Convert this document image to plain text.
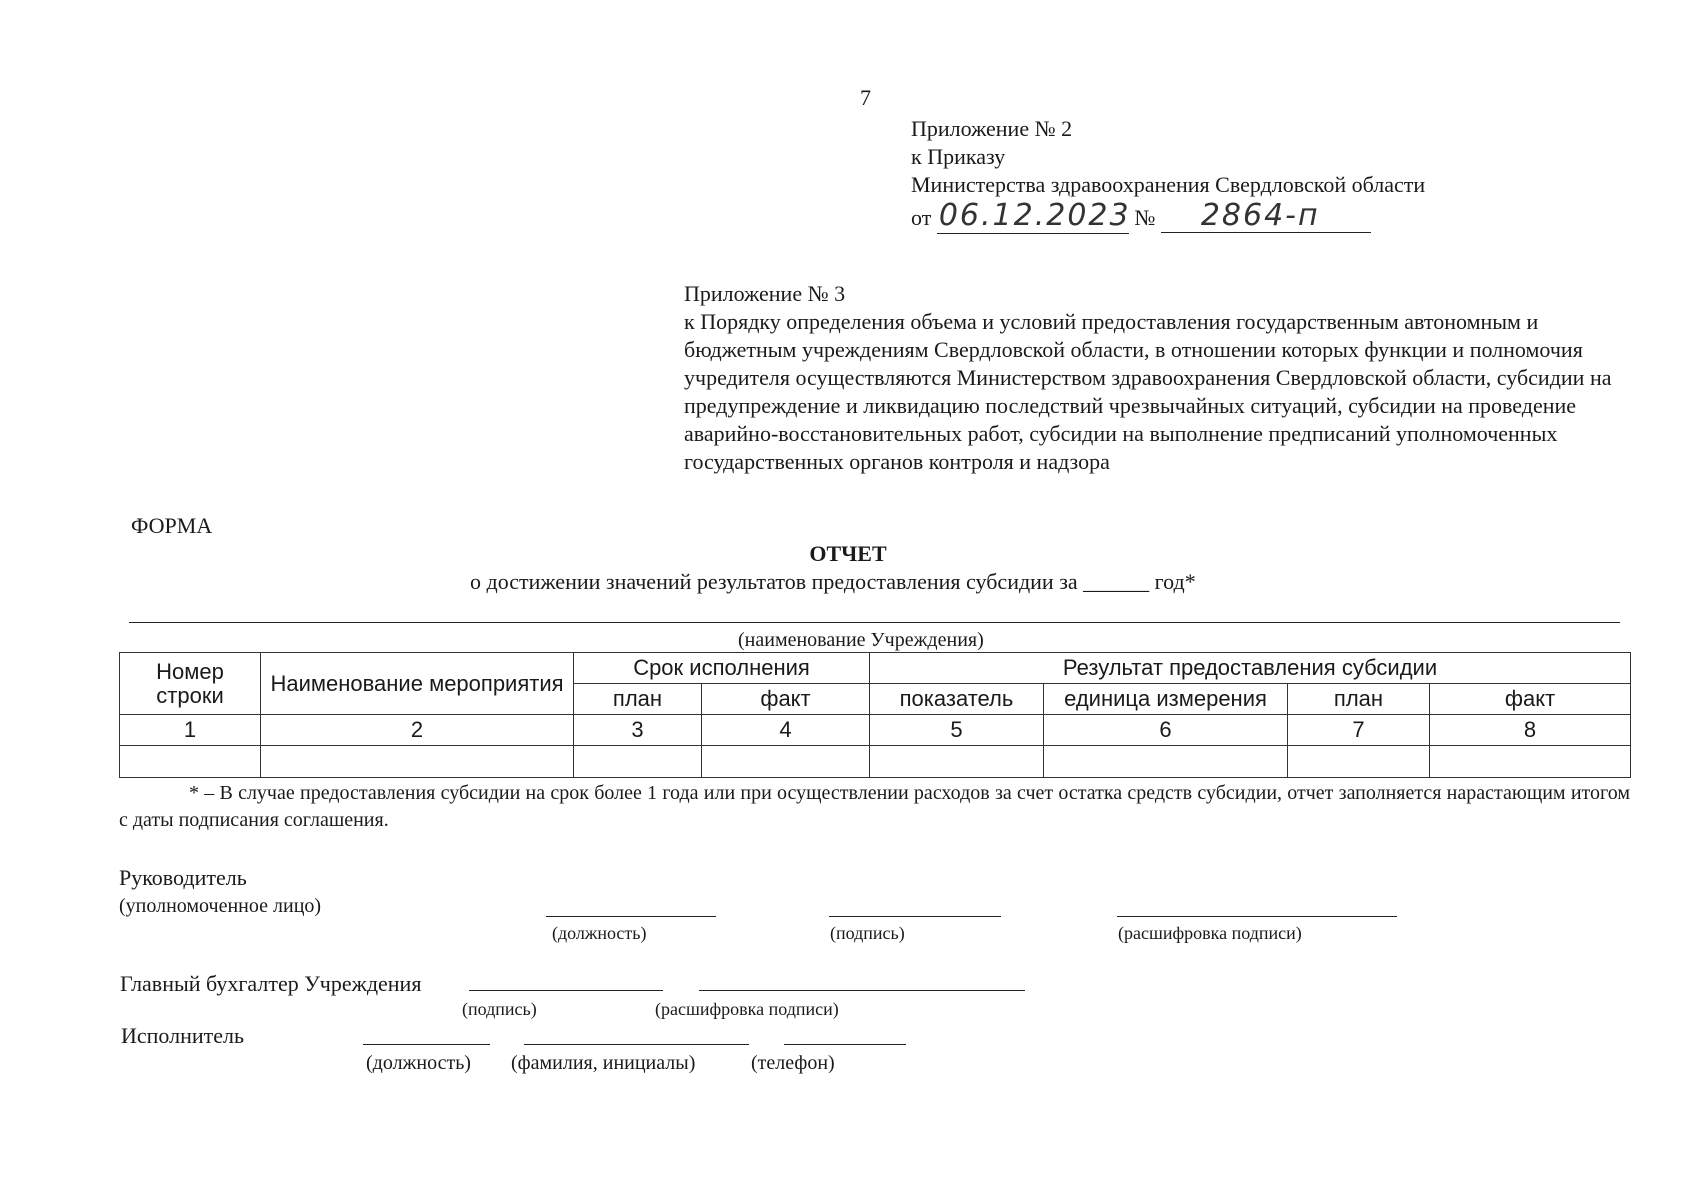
7
Приложение № 2
к Приказу
Министерства здравоохранения Свердловской области
от 06.12.2023 № 2864-п
Приложение № 3
к Порядку определения объема и условий предоставления государственным автономным и бюджетным учреждениям Свердловской области, в отношении которых функции и полномочия учредителя осуществляются Министерством здравоохранения Свердловской области, субсидии на предупреждение и ликвидацию последствий чрезвычайных ситуаций, субсидии на проведение аварийно-восстановительных работ, субсидии на выполнение предписаний уполномоченных государственных органов контроля и надзора
ФОРМА
ОТЧЕТ
о достижении значений результатов предоставления субсидии за ______ год*
(наименование Учреждения)
Номер строки	Наименование мероприятия	Срок исполнения		Результат предоставления субсидии			
		план	факт	показатель	единица измерения	план	факт
1	2	3	4	5	6	7	8

* – В случае предоставления субсидии на срок более 1 года или при осуществлении расходов за счет остатка средств субсидии, отчет заполняется нарастающим итогом с даты подписания соглашения.
Руководитель
(уполномоченное лицо)
(должность)	(подпись)	(расшифровка подписи)
Главный бухгалтер Учреждения
(подпись)	(расшифровка подписи)
Исполнитель
(должность) (фамилия, инициалы)	(телефон)
